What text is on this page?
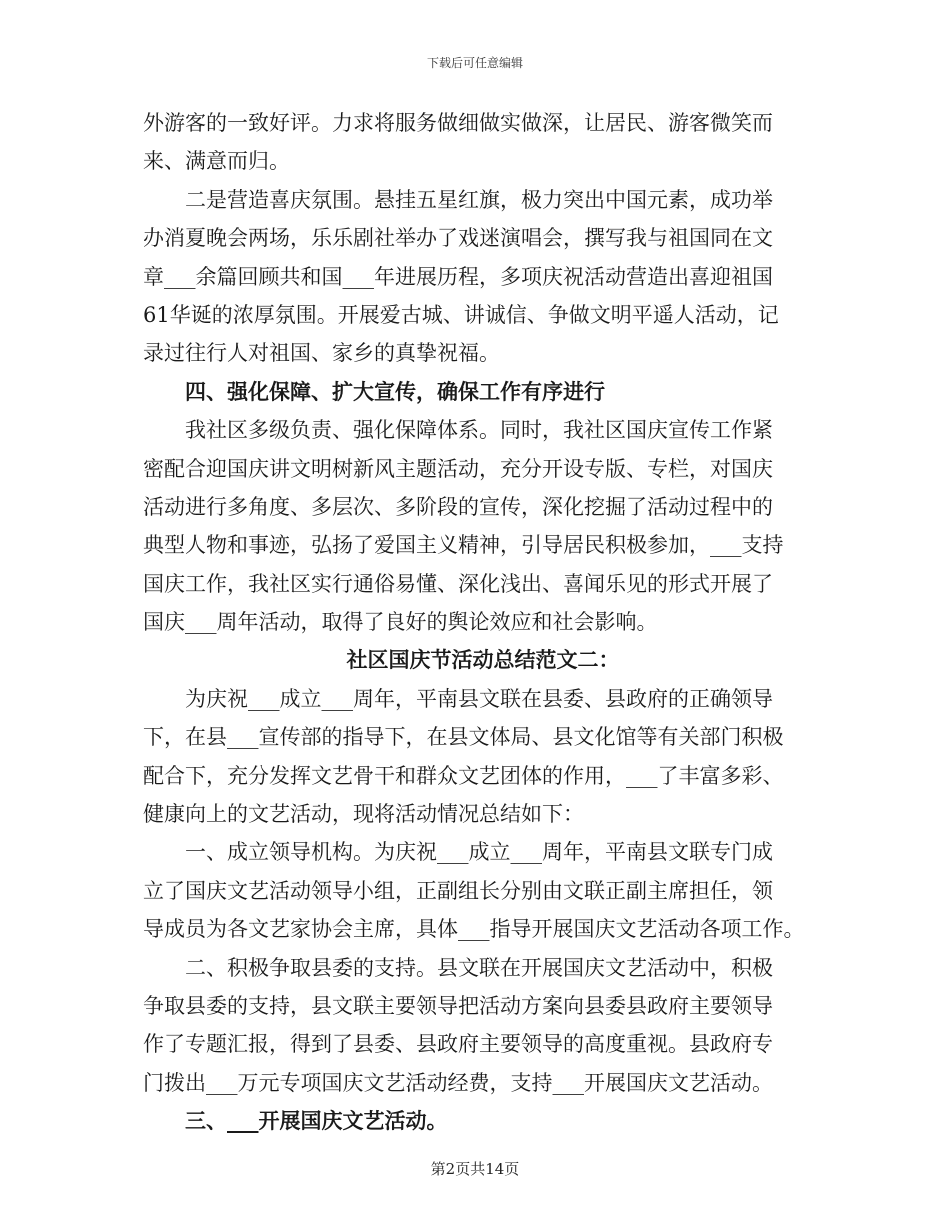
下载后可任意编辑
外游客的一致好评。力求将服务做细做实做深，让居民、游客微笑而
来、满意而归。
二是营造喜庆氛围。悬挂五星红旗，极力突出中国元素，成功举
办消夏晚会两场，乐乐剧社举办了戏迷演唱会，撰写我与祖国同在文
章___余篇回顾共和国___年进展历程，多项庆祝活动营造出喜迎祖国
61华诞的浓厚氛围。开展爱古城、讲诚信、争做文明平遥人活动，记
录过往行人对祖国、家乡的真挚祝福。
四、强化保障、扩大宣传，确保工作有序进行
我社区多级负责、强化保障体系。同时，我社区国庆宣传工作紧
密配合迎国庆讲文明树新风主题活动，充分开设专版、专栏，对国庆
活动进行多角度、多层次、多阶段的宣传，深化挖掘了活动过程中的
典型人物和事迹，弘扬了爱国主义精神，引导居民积极参加，___支持
国庆工作，我社区实行通俗易懂、深化浅出、喜闻乐见的形式开展了
国庆___周年活动，取得了良好的舆论效应和社会影响。
社区国庆节活动总结范文二：
为庆祝___成立___周年，平南县文联在县委、县政府的正确领导
下，在县___宣传部的指导下，在县文体局、县文化馆等有关部门积极
配合下，充分发挥文艺骨干和群众文艺团体的作用，___了丰富多彩、
健康向上的文艺活动，现将活动情况总结如下：
一、成立领导机构。为庆祝___成立___周年，平南县文联专门成
立了国庆文艺活动领导小组，正副组长分别由文联正副主席担任，领
导成员为各文艺家协会主席，具体___指导开展国庆文艺活动各项工作。
二、积极争取县委的支持。县文联在开展国庆文艺活动中，积极
争取县委的支持，县文联主要领导把活动方案向县委县政府主要领导
作了专题汇报，得到了县委、县政府主要领导的高度重视。县政府专
门拨出___万元专项国庆文艺活动经费，支持___开展国庆文艺活动。
三、___开展国庆文艺活动。
第2页共14页
